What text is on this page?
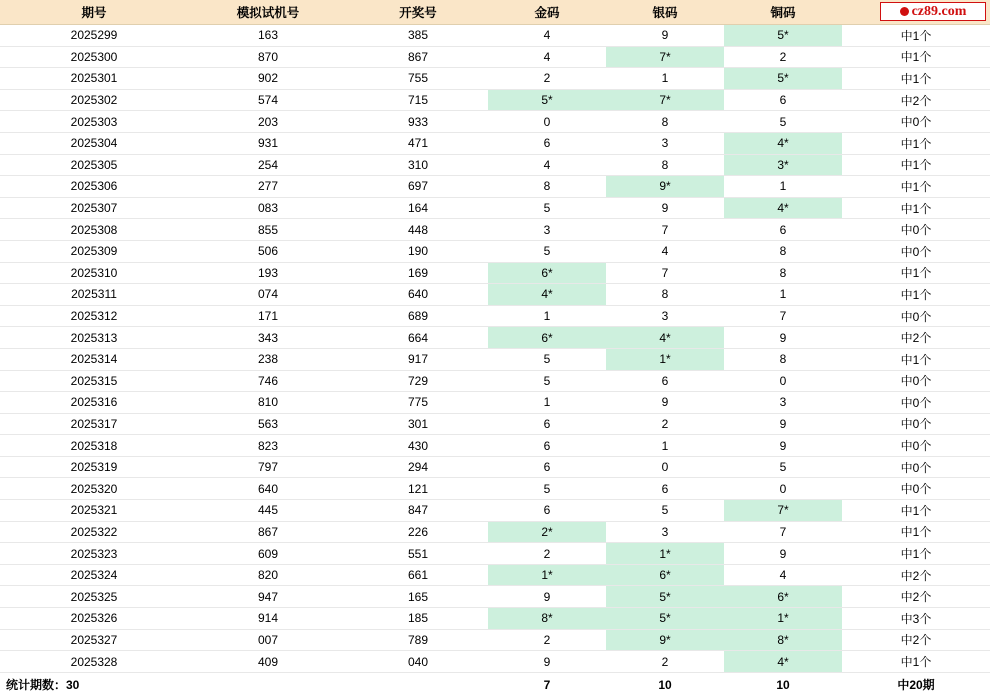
cz89.com
期号	模拟试机号	开奖号	金码	银码	铜码	
2025299	163	385	4	9	5*	中1个
2025300	870	867	4	7*	2	中1个
2025301	902	755	2	1	5*	中1个
2025302	574	715	5*	7*	6	中2个
2025303	203	933	0	8	5	中0个
2025304	931	471	6	3	4*	中1个
2025305	254	310	4	8	3*	中1个
2025306	277	697	8	9*	1	中1个
2025307	083	164	5	9	4*	中1个
2025308	855	448	3	7	6	中0个
2025309	506	190	5	4	8	中0个
2025310	193	169	6*	7	8	中1个
2025311	074	640	4*	8	1	中1个
2025312	171	689	1	3	7	中0个
2025313	343	664	6*	4*	9	中2个
2025314	238	917	5	1*	8	中1个
2025315	746	729	5	6	0	中0个
2025316	810	775	1	9	3	中0个
2025317	563	301	6	2	9	中0个
2025318	823	430	6	1	9	中0个
2025319	797	294	6	0	5	中0个
2025320	640	121	5	6	0	中0个
2025321	445	847	6	5	7*	中1个
2025322	867	226	2*	3	7	中1个
2025323	609	551	2	1*	9	中1个
2025324	820	661	1*	6*	4	中2个
2025325	947	165	9	5*	6*	中2个
2025326	914	185	8*	5*	1*	中3个
2025327	007	789	2	9*	8*	中2个
2025328	409	040	9	2	4*	中1个
统计期数：30			7	10	10	中20期
